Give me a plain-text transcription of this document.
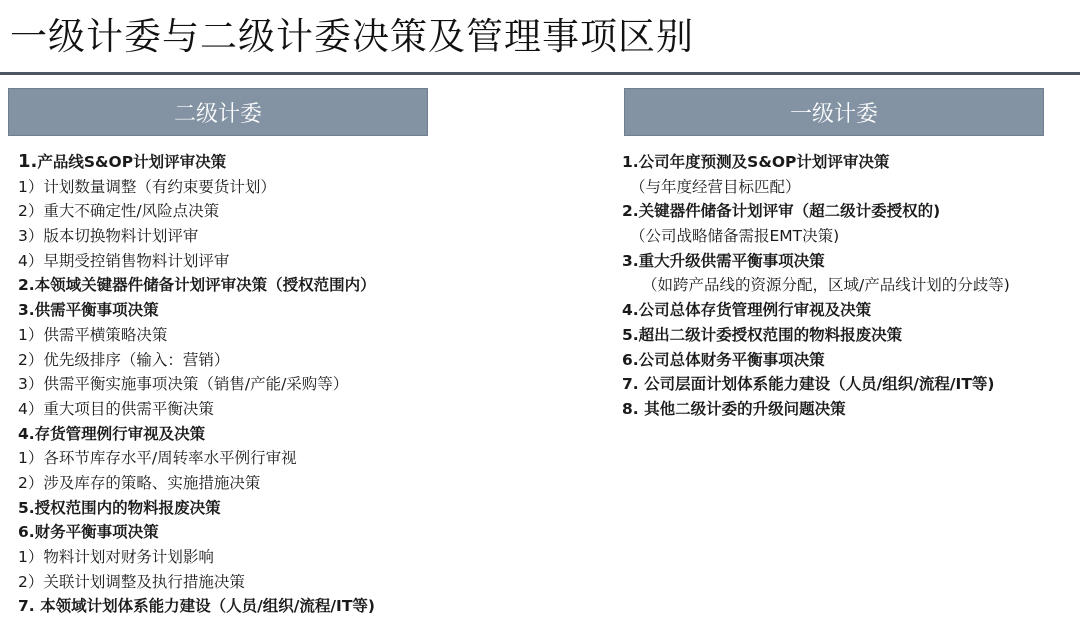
一级计委与二级计委决策及管理事项区别
二级计委	一级计委
1.产品线S&OP计划评审决策
1）计划数量调整（有约束要货计划）
2）重大不确定性/风险点决策
3）版本切换物料计划评审
4）早期受控销售物料计划评审
2.本领域关键器件储备计划评审决策（授权范围内）
3.供需平衡事项决策
1）供需平横策略决策
2）优先级排序（输入：营销）
3）供需平衡实施事项决策（销售/产能/采购等）
4）重大项目的供需平衡决策
4.存货管理例行审视及决策
1）各环节库存水平/周转率水平例行审视
2）涉及库存的策略、实施措施决策
5.授权范围内的物料报废决策
6.财务平衡事项决策
1）物料计划对财务计划影响
2）关联计划调整及执行措施决策
7. 本领域计划体系能力建设（人员/组织/流程/IT等)
1.公司年度预测及S&OP计划评审决策
（与年度经营目标匹配）
2.关键器件储备计划评审（超二级计委授权的)
（公司战略储备需报EMT决策)
3.重大升级供需平衡事项决策
（如跨产品线的资源分配，区域/产品线计划的分歧等)
4.公司总体存货管理例行审视及决策
5.超出二级计委授权范围的物料报废决策
6.公司总体财务平衡事项决策
7. 公司层面计划体系能力建设（人员/组织/流程/IT等)
8. 其他二级计委的升级问题决策
